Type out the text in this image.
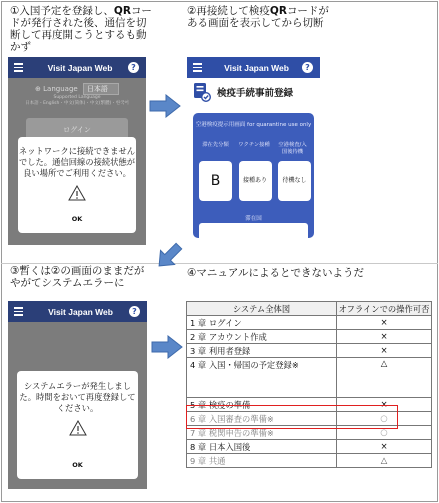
①入国予定を登録し、QRコードが発行された後、通信を切断して再度開こうとするも動かず
②再接続して検疫QRコードがある画面を表示してから切断
③暫くは②の画面のままだがやがてシステムエラーに
④マニュアルによるとできないようだ
Visit Japan Web	?
⊕ Language 日本語
Supported Language
日本語・English・中文(简体)・中文(繁體)・한국어
ログイン
ネットワークに接続できませんでした。通信回線の接続状態が良い場所でご利用ください。
OK
Visit Japan Web	?
検疫手続事前登録
空港検疫提示用画面 for quarantine use only
滞在先分類	ワクチン接種	空港検査/入国後待機
B	接種あり	待機なし
滞在国
Visit Japan Web	?
システムエラーが発生しました。時間をおいて再度登録してください。
OK
システム全体図	オフラインでの操作可否
1 章 ログイン	×
2 章 アカウント作成	×
3 章 利用者登録	×
4 章 入国・帰国の予定登録※	△
5 章 検疫の準備	×
6 章 入国審査の準備※	○
7 章 税関申告の準備※	○
8 章 日本入国後	×
9 章 共通	△
